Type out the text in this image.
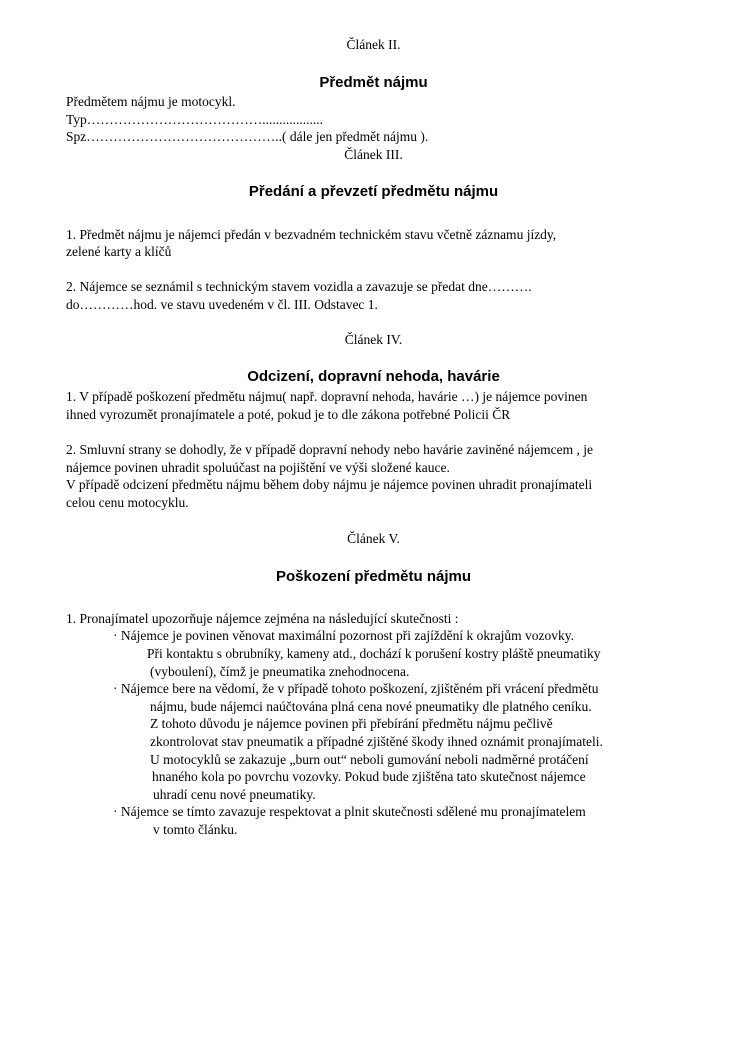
Článek II.
Předmět nájmu
Předmětem nájmu je motocykl.
Typ…………………………………..................
Spz……………………………………..( dále jen předmět nájmu ).
Článek III.
Předání a převzetí předmětu nájmu
1. Předmět nájmu je nájemci předán v bezvadném technickém stavu včetně záznamu jízdy,
zelené karty a klíčů
2. Nájemce se seznámil s technickým stavem vozidla a zavazuje se předat dne……….
do…………hod. ve stavu uvedeném v čl. III. Odstavec 1.
Článek IV.
Odcizení, dopravní nehoda, havárie
1. V případě poškození předmětu nájmu( např. dopravní nehoda, havárie …) je nájemce povinen
ihned vyrozumět pronajímatele a poté, pokud je to dle zákona potřebné Policii ČR
2. Smluvní strany se dohodly, že v případě dopravní nehody nebo havárie zaviněné nájemcem , je
nájemce povinen uhradit spoluúčast na pojištění ve výši složené kauce.
V případě odcizení předmětu nájmu během doby nájmu je nájemce povinen uhradit pronajímateli
celou cenu motocyklu.
Článek V.
Poškození předmětu nájmu
1. Pronajímatel upozorňuje nájemce zejména na následující skutečnosti :
· Nájemce je povinen věnovat maximální pozornost při zajíždění k okrajům vozovky.
Při kontaktu s obrubníky, kameny atd., dochází k porušení kostry pláště pneumatiky
(vyboulení), čímž je pneumatika znehodnocena.
· Nájemce bere na vědomí, že v případě tohoto poškození, zjištěném při vrácení předmětu
nájmu, bude nájemci naúčtována plná cena nové pneumatiky dle platného ceníku.
Z tohoto důvodu je nájemce povinen při přebírání předmětu nájmu pečlivě
zkontrolovat stav pneumatik a případné zjištěné škody ihned oznámit pronajímateli.
U motocyklů se zakazuje „burn out“ neboli gumování neboli nadměrné protáčení
hnaného kola po povrchu vozovky. Pokud bude zjištěna tato skutečnost nájemce
uhradí cenu nové pneumatiky.
· Nájemce se tímto zavazuje respektovat a plnit skutečnosti sdělené mu pronajímatelem
v tomto článku.
